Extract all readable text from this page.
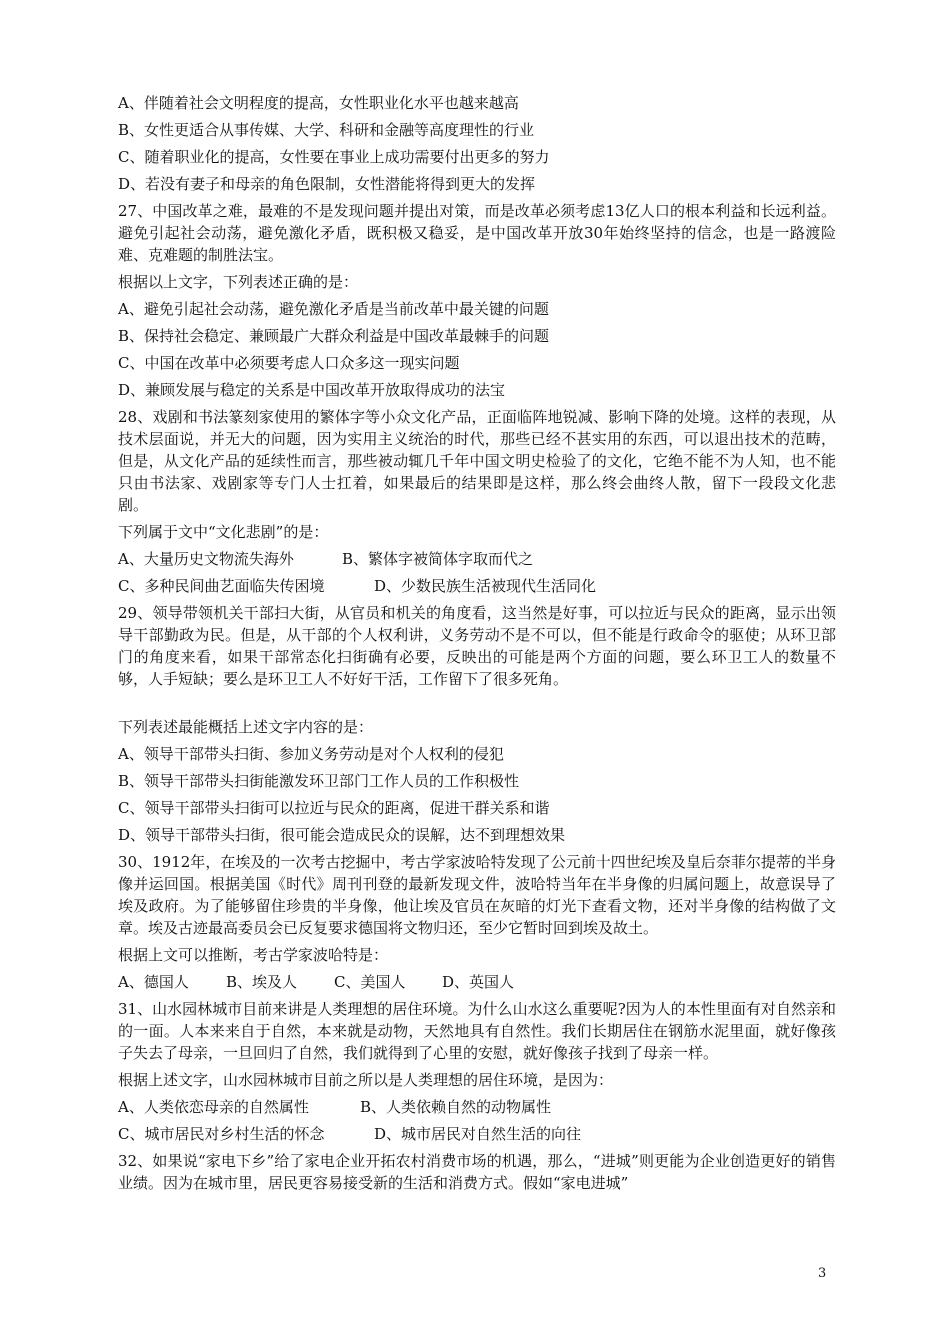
A、伴随着社会文明程度的提高，女性职业化水平也越来越高
B、女性更适合从事传媒、大学、科研和金融等高度理性的行业
C、随着职业化的提高，女性要在事业上成功需要付出更多的努力
D、若没有妻子和母亲的角色限制，女性潜能将得到更大的发挥
27、中国改革之难，最难的不是发现问题并提出对策，而是改革必须考虑13亿人口的根本利益和长远利益。避免引起社会动荡，避免激化矛盾，既积极又稳妥，是中国改革开放30年始终坚持的信念，也是一路渡险难、克难题的制胜法宝。
根据以上文字，下列表述正确的是：
A、避免引起社会动荡，避免激化矛盾是当前改革中最关键的问题
B、保持社会稳定、兼顾最广大群众利益是中国改革最棘手的问题
C、中国在改革中必须要考虑人口众多这一现实问题
D、兼顾发展与稳定的关系是中国改革开放取得成功的法宝
28、戏剧和书法篆刻家使用的繁体字等小众文化产品，正面临阵地锐减、影响下降的处境。这样的表现，从技术层面说，并无大的问题，因为实用主义统治的时代，那些已经不甚实用的东西，可以退出技术的范畴，但是，从文化产品的延续性而言，那些被动辄几千年中国文明史检验了的文化，它绝不能不为人知，也不能只由书法家、戏剧家等专门人士扛着，如果最后的结果即是这样，那么终会曲终人散，留下一段段文化悲剧。
下列属于文中“文化悲剧”的是：
A、大量历史文物流失海外	B、繁体字被简体字取而代之
C、多种民间曲艺面临失传困境	D、少数民族生活被现代生活同化
29、领导带领机关干部扫大街，从官员和机关的角度看，这当然是好事，可以拉近与民众的距离，显示出领导干部勤政为民。但是，从干部的个人权利讲，义务劳动不是不可以，但不能是行政命令的驱使；从环卫部门的角度来看，如果干部常态化扫街确有必要，反映出的可能是两个方面的问题，要么环卫工人的数量不够，人手短缺；要么是环卫工人不好好干活，工作留下了很多死角。
下列表述最能概括上述文字内容的是：
A、领导干部带头扫街、参加义务劳动是对个人权利的侵犯
B、领导干部带头扫街能激发环卫部门工作人员的工作积极性
C、领导干部带头扫街可以拉近与民众的距离，促进干群关系和谐
D、领导干部带头扫街，很可能会造成民众的误解，达不到理想效果
30、1912年，在埃及的一次考古挖掘中，考古学家波哈特发现了公元前十四世纪埃及皇后奈菲尔提蒂的半身像并运回国。根据美国《时代》周刊刊登的最新发现文件，波哈特当年在半身像的归属问题上，故意误导了埃及政府。为了能够留住珍贵的半身像，他让埃及官员在灰暗的灯光下查看文物，还对半身像的结构做了文章。埃及古迹最高委员会已反复要求德国将文物归还，至少它暂时回到埃及故土。
根据上文可以推断，考古学家波哈特是：
A、德国人 B、埃及人 C、美国人 D、英国人
31、山水园林城市目前来讲是人类理想的居住环境。为什么山水这么重要呢?因为人的本性里面有对自然亲和的一面。人本来来自于自然，本来就是动物，天然地具有自然性。我们长期居住在钢筋水泥里面，就好像孩子失去了母亲，一旦回归了自然，我们就得到了心里的安慰，就好像孩子找到了母亲一样。
根据上述文字，山水园林城市目前之所以是人类理想的居住环境，是因为：
A、人类依恋母亲的自然属性	B、人类依赖自然的动物属性
C、城市居民对乡村生活的怀念	D、城市居民对自然生活的向往
32、如果说“家电下乡”给了家电企业开拓农村消费市场的机遇，那么，“进城”则更能为企业创造更好的销售业绩。因为在城市里，居民更容易接受新的生活和消费方式。假如“家电进城”
3
